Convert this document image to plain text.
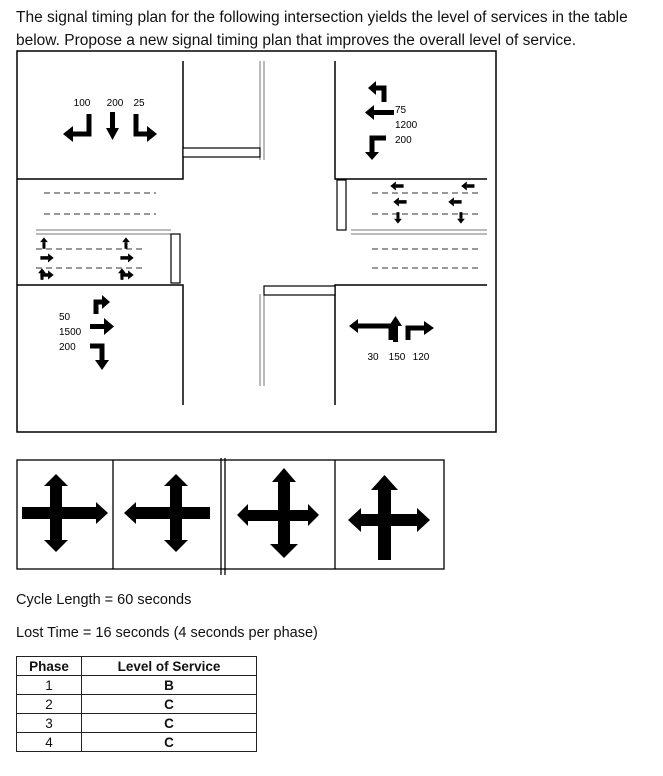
The signal timing plan for the following intersection yields the level of services in the table below. Propose a new signal timing plan that improves the overall level of service.

100 200 25
75
1200
200
50
1500
200
30 150 120

Cycle Length = 60 seconds

Lost Time = 16 seconds (4 seconds per phase)

Phase	Level of Service
1	B
2	C
3	C
4	C
